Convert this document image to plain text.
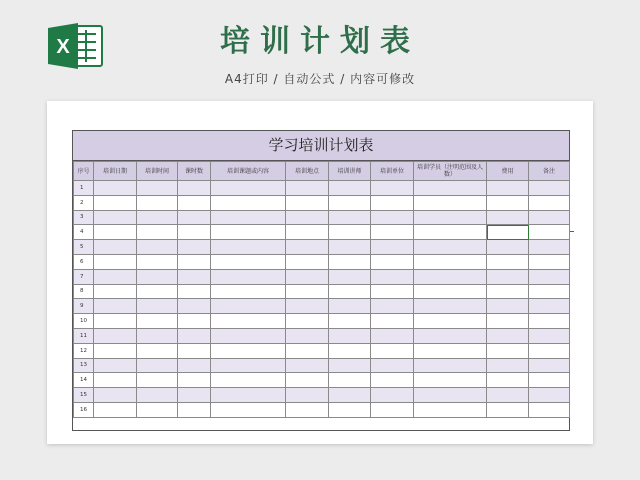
X	培训计划表
A4打印 / 自动公式 / 内容可修改
学习培训计划表
序号	培训日期	培训时间	课时数	培训课题或内容	培训地点	培训讲师	培训单位	培训学员（注明范围及人数）	费用	备注
1										
2										
3										
4										
5										
6										
7										
8										
9										
10										
11										
12										
13										
14										
15										
16										
